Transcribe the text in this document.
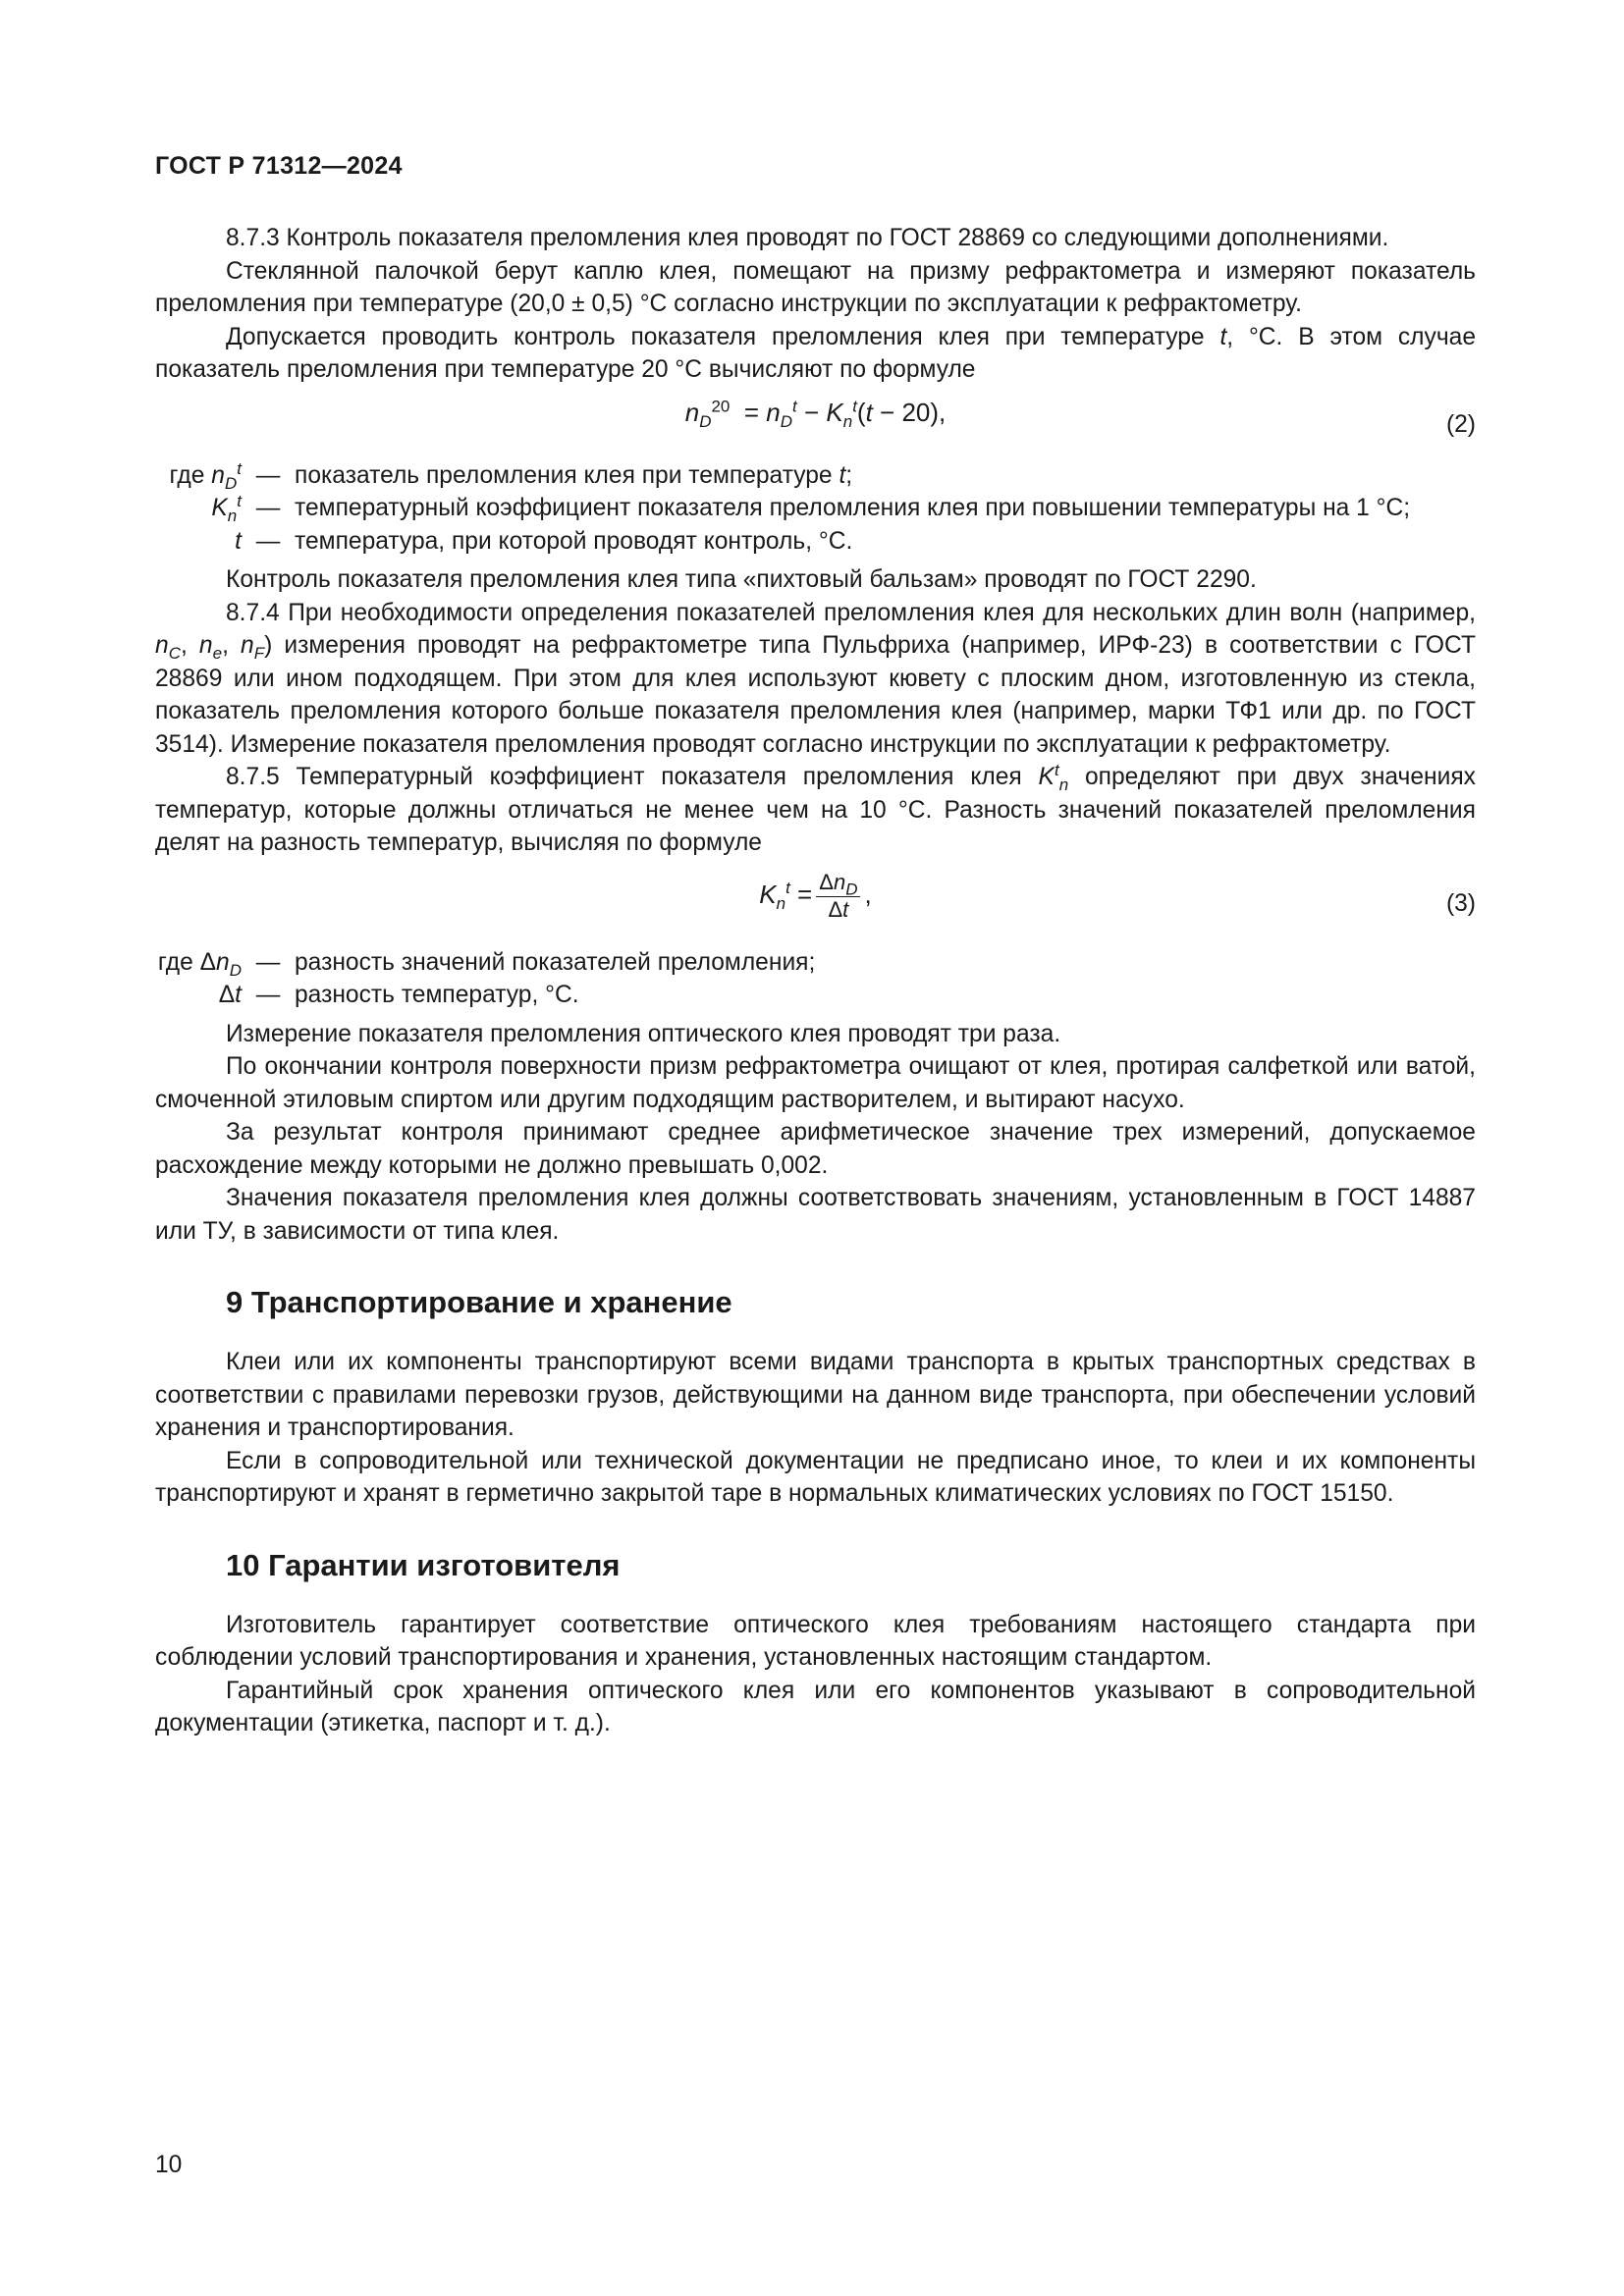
ГОСТ Р 71312—2024

8.7.3 Контроль показателя преломления клея проводят по ГОСТ 28869 со следующими дополнениями.

Стеклянной палочкой берут каплю клея, помещают на призму рефрактометра и измеряют показатель преломления при температуре (20,0 ± 0,5) °С согласно инструкции по эксплуатации к рефрактометру.

Допускается проводить контроль показателя преломления клея при температуре t, °С. В этом случае показатель преломления при температуре 20 °С вычисляют по формуле

$n_D^{20} = n_D^t - K_n^t(t - 20)$,	(2)
где $n_D^t$ — показатель преломления клея при температуре t;
$K_n^t$ — температурный коэффициент показателя преломления клея при повышении температуры на 1 °С;
t — температура, при которой проводят контроль, °С.

Контроль показателя преломления клея типа «пихтовый бальзам» проводят по ГОСТ 2290.

8.7.4 При необходимости определения показателей преломления клея для нескольких длин волн (например, $n_C$, $n_e$, $n_F$) измерения проводят на рефрактометре типа Пульфриха (например, ИРФ-23) в соответствии с ГОСТ 28869 или ином подходящем. При этом для клея используют кювету с плоским дном, изготовленную из стекла, показатель преломления которого больше показателя преломления клея (например, марки ТФ1 или др. по ГОСТ 3514). Измерение показателя преломления проводят согласно инструкции по эксплуатации к рефрактометру.

8.7.5 Температурный коэффициент показателя преломления клея $K^t_n$ определяют при двух значениях температур, которые должны отличаться не менее чем на 10 °С. Разность значений показателей преломления делят на разность температур, вычисляя по формуле

$K_n^t = \frac{\Delta n_D}{\Delta t}$ ,	(3)
где $\Delta n_D$ — разность значений показателей преломления;
Δt — разность температур, °С.

Измерение показателя преломления оптического клея проводят три раза.

По окончании контроля поверхности призм рефрактометра очищают от клея, протирая салфеткой или ватой, смоченной этиловым спиртом или другим подходящим растворителем, и вытирают насухо.

За результат контроля принимают среднее арифметическое значение трех измерений, допускаемое расхождение между которыми не должно превышать 0,002.

Значения показателя преломления клея должны соответствовать значениям, установленным в ГОСТ 14887 или ТУ, в зависимости от типа клея.

9 Транспортирование и хранение

Клеи или их компоненты транспортируют всеми видами транспорта в крытых транспортных средствах в соответствии с правилами перевозки грузов, действующими на данном виде транспорта, при обеспечении условий хранения и транспортирования.

Если в сопроводительной или технической документации не предписано иное, то клеи и их компоненты транспортируют и хранят в герметично закрытой таре в нормальных климатических условиях по ГОСТ 15150.

10 Гарантии изготовителя

Изготовитель гарантирует соответствие оптического клея требованиям настоящего стандарта при соблюдении условий транспортирования и хранения, установленных настоящим стандартом.

Гарантийный срок хранения оптического клея или его компонентов указывают в сопроводительной документации (этикетка, паспорт и т. д.).

10
